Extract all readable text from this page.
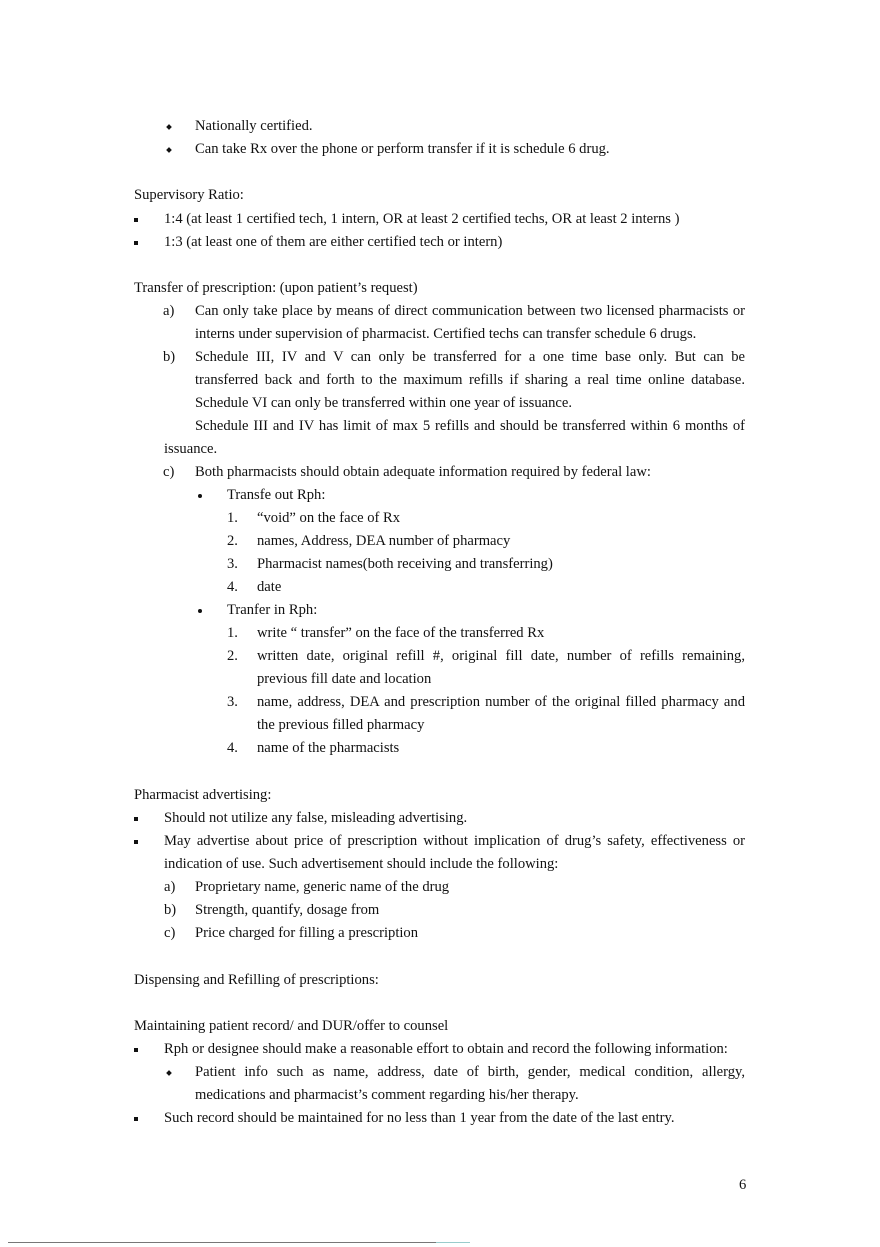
Nationally certified.
Can take Rx over the phone or perform transfer if it is schedule 6 drug.
Supervisory Ratio:
1:4 (at least 1 certified tech, 1 intern, OR at least 2 certified techs, OR at least 2 interns )
1:3 (at least one of them are either certified tech or intern)
Transfer of prescription: (upon patient’s request)
a) Can only take place by means of direct communication between two licensed pharmacists or
interns under supervision of pharmacist. Certified techs can transfer schedule 6 drugs.
b) Schedule III, IV and V can only be transferred for a one time base only. But can be
transferred back and forth to the maximum refills if sharing a real time online database.
Schedule VI can only be transferred within one year of issuance.
Schedule III and IV has limit of max 5 refills and should be transferred within 6 months of
issuance.
c) Both pharmacists should obtain adequate information required by federal law:
Transfe out Rph:
1. “void” on the face of Rx
2. names, Address, DEA number of pharmacy
3. Pharmacist names(both receiving and transferring)
4. date
Tranfer in Rph:
1. write “ transfer” on the face of the transferred Rx
2. written date, original refill #, original fill date, number of refills remaining,
previous fill date and location
3. name, address, DEA and prescription number of the original filled pharmacy and
the previous filled pharmacy
4. name of the pharmacists
Pharmacist advertising:
Should not utilize any false, misleading advertising.
May advertise about price of prescription without implication of drug’s safety, effectiveness or
indication of use. Such advertisement should include the following:
a) Proprietary name, generic name of the drug
b) Strength, quantify, dosage from
c) Price charged for filling a prescription
Dispensing and Refilling of prescriptions:
Maintaining patient record/ and DUR/offer to counsel
Rph or designee should make a reasonable effort to obtain and record the following information:
Patient info such as name, address, date of birth, gender, medical condition, allergy,
medications and pharmacist’s comment regarding his/her therapy.
Such record should be maintained for no less than 1 year from the date of the last entry.
6
